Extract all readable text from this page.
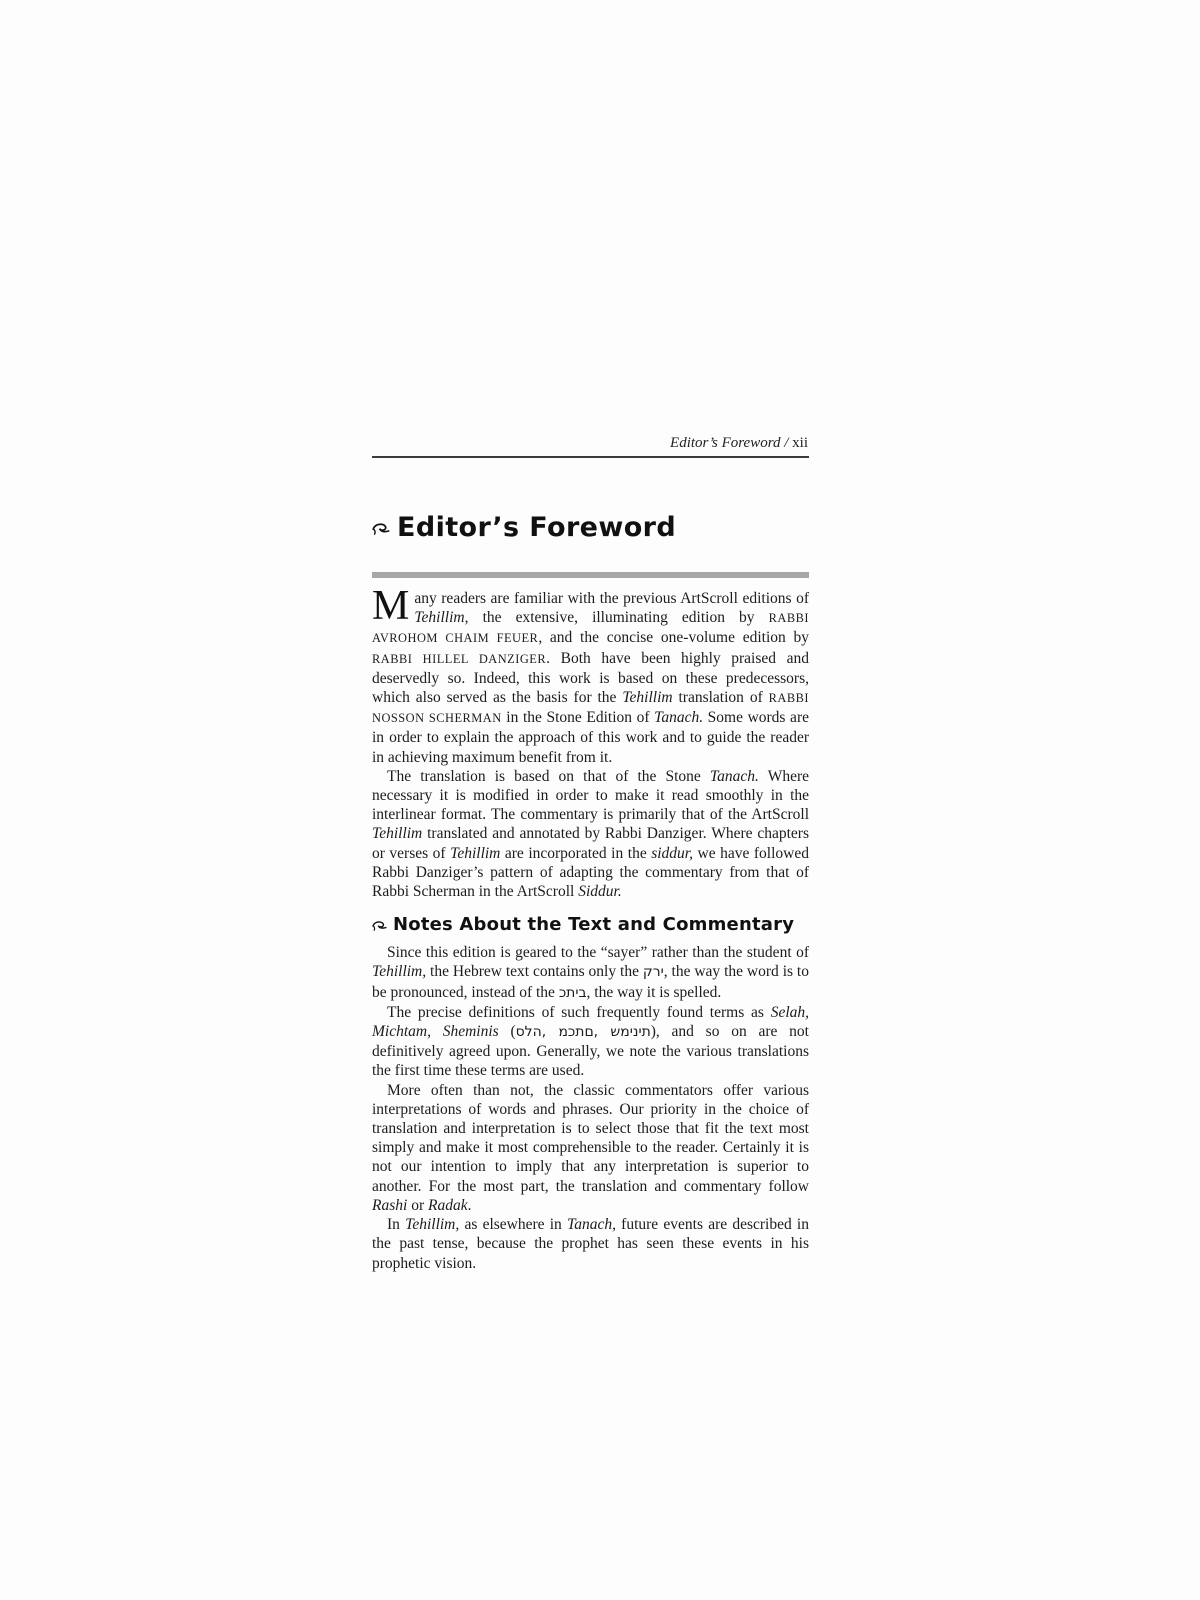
Editor’s Foreword / xii
Editor’s Foreword

Many readers are familiar with the previous ArtScroll editions of Tehillim, the extensive, illuminating edition by RABBI AVROHOM CHAIM FEUER, and the concise one-volume edition by RABBI HILLEL DANZIGER. Both have been highly praised and deservedly so. Indeed, this work is based on these predecessors, which also served as the basis for the Tehillim translation of RABBI NOSSON SCHERMAN in the Stone Edition of Tanach. Some words are in order to explain the approach of this work and to guide the reader in achieving maximum benefit from it.

The translation is based on that of the Stone Tanach. Where necessary it is modified in order to make it read smoothly in the interlinear format. The commentary is primarily that of the ArtScroll Tehillim translated and annotated by Rabbi Danziger. Where chapters or verses of Tehillim are incorporated in the siddur, we have followed Rabbi Danziger’s pattern of adapting the commentary from that of Rabbi Scherman in the ArtScroll Siddur.

Notes About the Text and Commentary

Since this edition is geared to the “sayer” rather than the student of Tehillim, the Hebrew text contains only the קרי, the way the word is to be pronounced, instead of the כתיב, the way it is spelled.

The precise definitions of such frequently found terms as Selah, Michtam, Sheminis (סלה, מכתם, שמינית), and so on are not definitively agreed upon. Generally, we note the various translations the first time these terms are used.

More often than not, the classic commentators offer various interpretations of words and phrases. Our priority in the choice of translation and interpretation is to select those that fit the text most simply and make it most comprehensible to the reader. Certainly it is not our intention to imply that any interpretation is superior to another. For the most part, the translation and commentary follow Rashi or Radak.

In Tehillim, as elsewhere in Tanach, future events are described in the past tense, because the prophet has seen these events in his prophetic vision.
